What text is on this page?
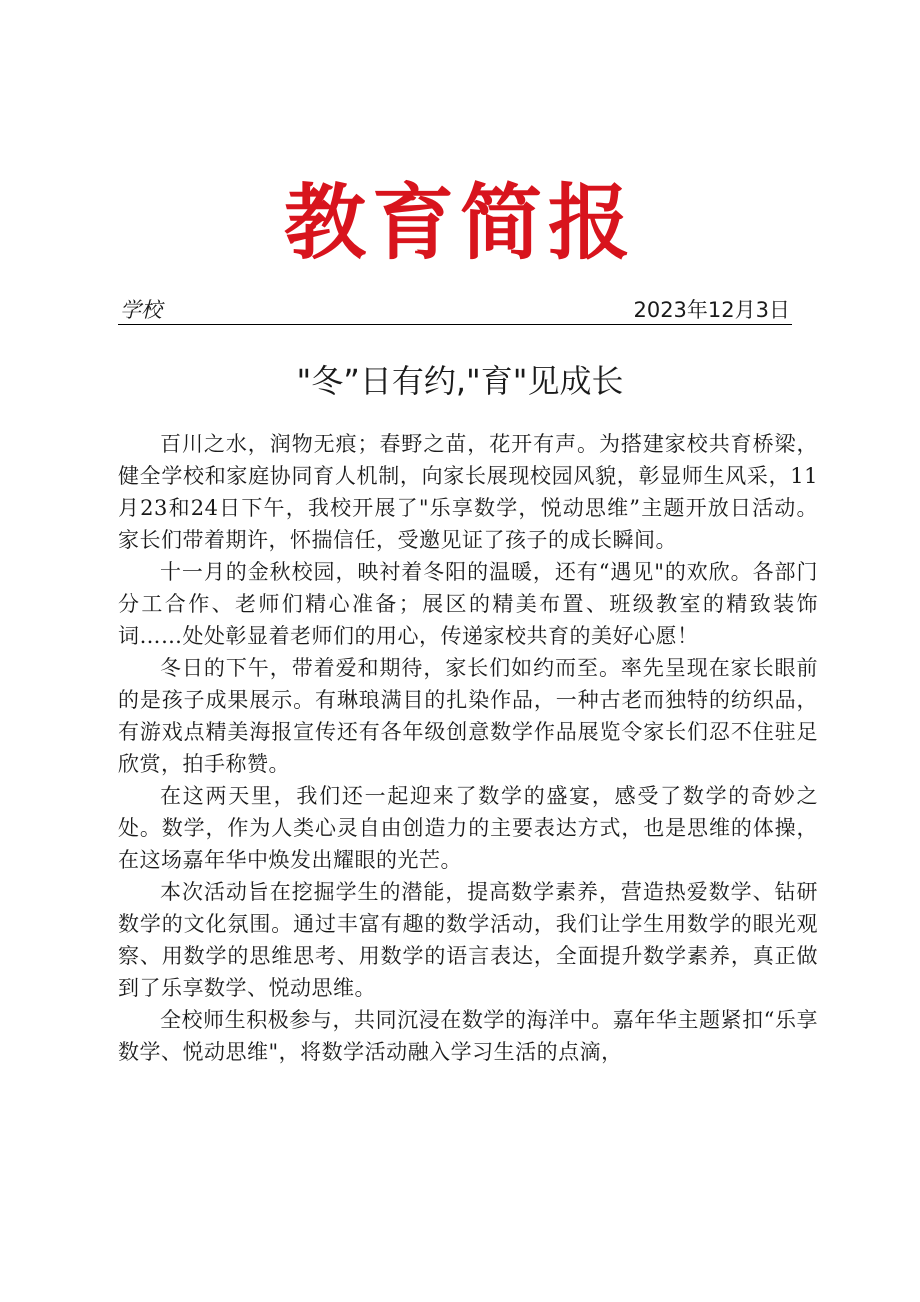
教育简报
学校	2023年12月3日
"冬”日有约,"育"见成长

百川之水，润物无痕；春野之苗，花开有声。为搭建家校共育桥梁，健全学校和家庭协同育人机制，向家长展现校园风貌，彰显师生风采，11月23和24日下午，我校开展了"乐享数学，悦动思维”主题开放日活动。家长们带着期许，怀揣信任，受邀见证了孩子的成长瞬间。

十一月的金秋校园，映衬着冬阳的温暖，还有“遇见"的欢欣。各部门分工合作、老师们精心准备；展区的精美布置、班级教室的精致装饰词……处处彰显着老师们的用心，传递家校共育的美好心愿！

冬日的下午，带着爱和期待，家长们如约而至。率先呈现在家长眼前的是孩子成果展示。有琳琅满目的扎染作品，一种古老而独特的纺织品，有游戏点精美海报宣传还有各年级创意数学作品展览令家长们忍不住驻足欣赏，拍手称赞。

在这两天里，我们还一起迎来了数学的盛宴，感受了数学的奇妙之处。数学，作为人类心灵自由创造力的主要表达方式，也是思维的体操，在这场嘉年华中焕发出耀眼的光芒。

本次活动旨在挖掘学生的潜能，提高数学素养，营造热爱数学、钻研数学的文化氛围。通过丰富有趣的数学活动，我们让学生用数学的眼光观察、用数学的思维思考、用数学的语言表达，全面提升数学素养，真正做到了乐享数学、悦动思维。

全校师生积极参与，共同沉浸在数学的海洋中。嘉年华主题紧扣“乐享数学、悦动思维"，将数学活动融入学习生活的点滴，
